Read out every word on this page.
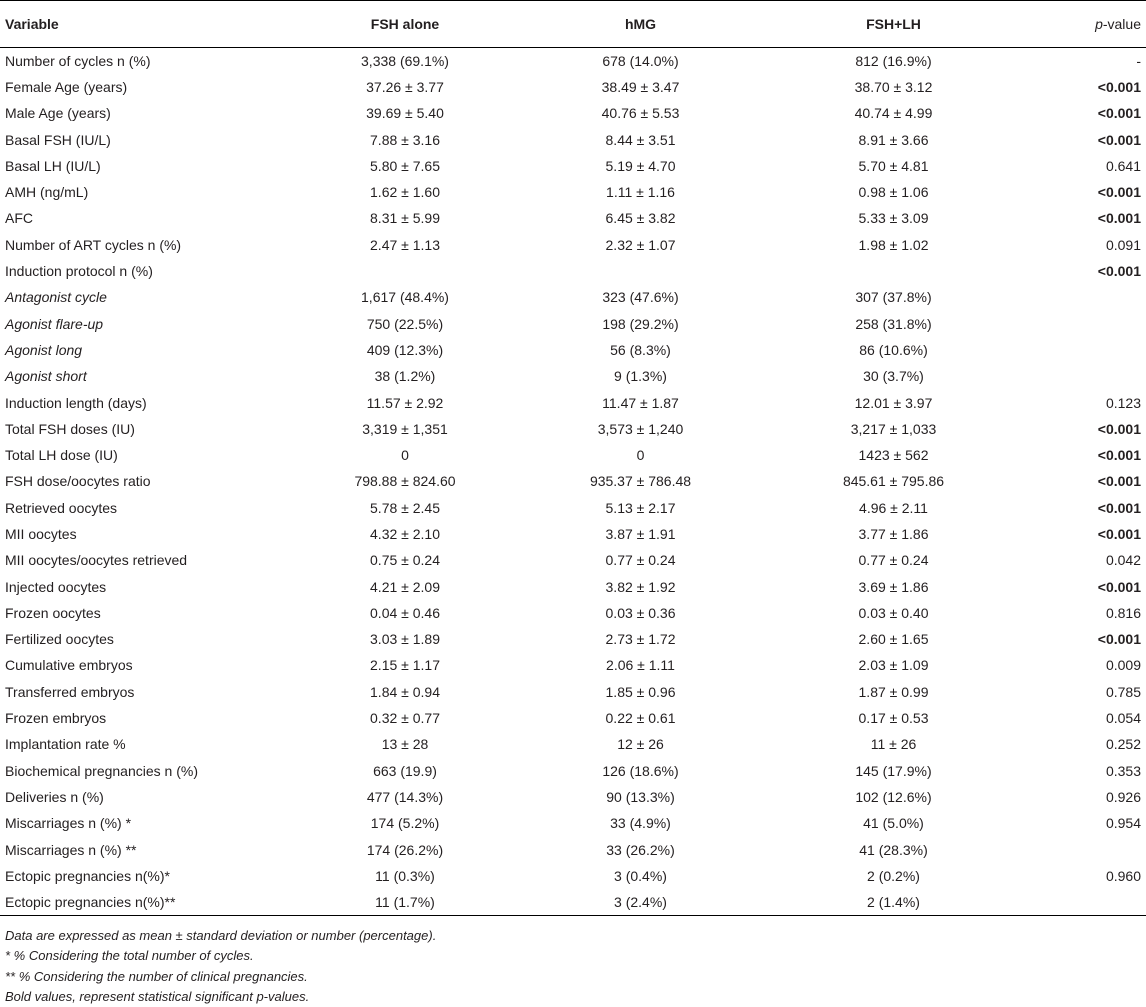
Variable	FSH alone	hMG	FSH+LH	p-value
Number of cycles n (%)	3,338 (69.1%)	678 (14.0%)	812 (16.9%)	-
Female Age (years)	37.26 ± 3.77	38.49 ± 3.47	38.70 ± 3.12	<0.001
Male Age (years)	39.69 ± 5.40	40.76 ± 5.53	40.74 ± 4.99	<0.001
Basal FSH (IU/L)	7.88 ± 3.16	8.44 ± 3.51	8.91 ± 3.66	<0.001
Basal LH (IU/L)	5.80 ± 7.65	5.19 ± 4.70	5.70 ± 4.81	0.641
AMH (ng/mL)	1.62 ± 1.60	1.11 ± 1.16	0.98 ± 1.06	<0.001
AFC	8.31 ± 5.99	6.45 ± 3.82	5.33 ± 3.09	<0.001
Number of ART cycles n (%)	2.47 ± 1.13	2.32 ± 1.07	1.98 ± 1.02	0.091
Induction protocol n (%)				<0.001
Antagonist cycle	1,617 (48.4%)	323 (47.6%)	307 (37.8%)	
Agonist flare-up	750 (22.5%)	198 (29.2%)	258 (31.8%)	
Agonist long	409 (12.3%)	56 (8.3%)	86 (10.6%)	
Agonist short	38 (1.2%)	9 (1.3%)	30 (3.7%)	
Induction length (days)	11.57 ± 2.92	11.47 ± 1.87	12.01 ± 3.97	0.123
Total FSH doses (IU)	3,319 ± 1,351	3,573 ± 1,240	3,217 ± 1,033	<0.001
Total LH dose (IU)	0	0	1423 ± 562	<0.001
FSH dose/oocytes ratio	798.88 ± 824.60	935.37 ± 786.48	845.61 ± 795.86	<0.001
Retrieved oocytes	5.78 ± 2.45	5.13 ± 2.17	4.96 ± 2.11	<0.001
MII oocytes	4.32 ± 2.10	3.87 ± 1.91	3.77 ± 1.86	<0.001
MII oocytes/oocytes retrieved	0.75 ± 0.24	0.77 ± 0.24	0.77 ± 0.24	0.042
Injected oocytes	4.21 ± 2.09	3.82 ± 1.92	3.69 ± 1.86	<0.001
Frozen oocytes	0.04 ± 0.46	0.03 ± 0.36	0.03 ± 0.40	0.816
Fertilized oocytes	3.03 ± 1.89	2.73 ± 1.72	2.60 ± 1.65	<0.001
Cumulative embryos	2.15 ± 1.17	2.06 ± 1.11	2.03 ± 1.09	0.009
Transferred embryos	1.84 ± 0.94	1.85 ± 0.96	1.87 ± 0.99	0.785
Frozen embryos	0.32 ± 0.77	0.22 ± 0.61	0.17 ± 0.53	0.054
Implantation rate %	13 ± 28	12 ± 26	11 ± 26	0.252
Biochemical pregnancies n (%)	663 (19.9)	126 (18.6%)	145 (17.9%)	0.353
Deliveries n (%)	477 (14.3%)	90 (13.3%)	102 (12.6%)	0.926
Miscarriages n (%) *	174 (5.2%)	33 (4.9%)	41 (5.0%)	0.954
Miscarriages n (%) **	174 (26.2%)	33 (26.2%)	41 (28.3%)	
Ectopic pregnancies n(%)*	11 (0.3%)	3 (0.4%)	2 (0.2%)	0.960
Ectopic pregnancies n(%)**	11 (1.7%)	3 (2.4%)	2 (1.4%)	
Data are expressed as mean ± standard deviation or number (percentage).
* % Considering the total number of cycles.
** % Considering the number of clinical pregnancies.
Bold values, represent statistical significant p-values.
